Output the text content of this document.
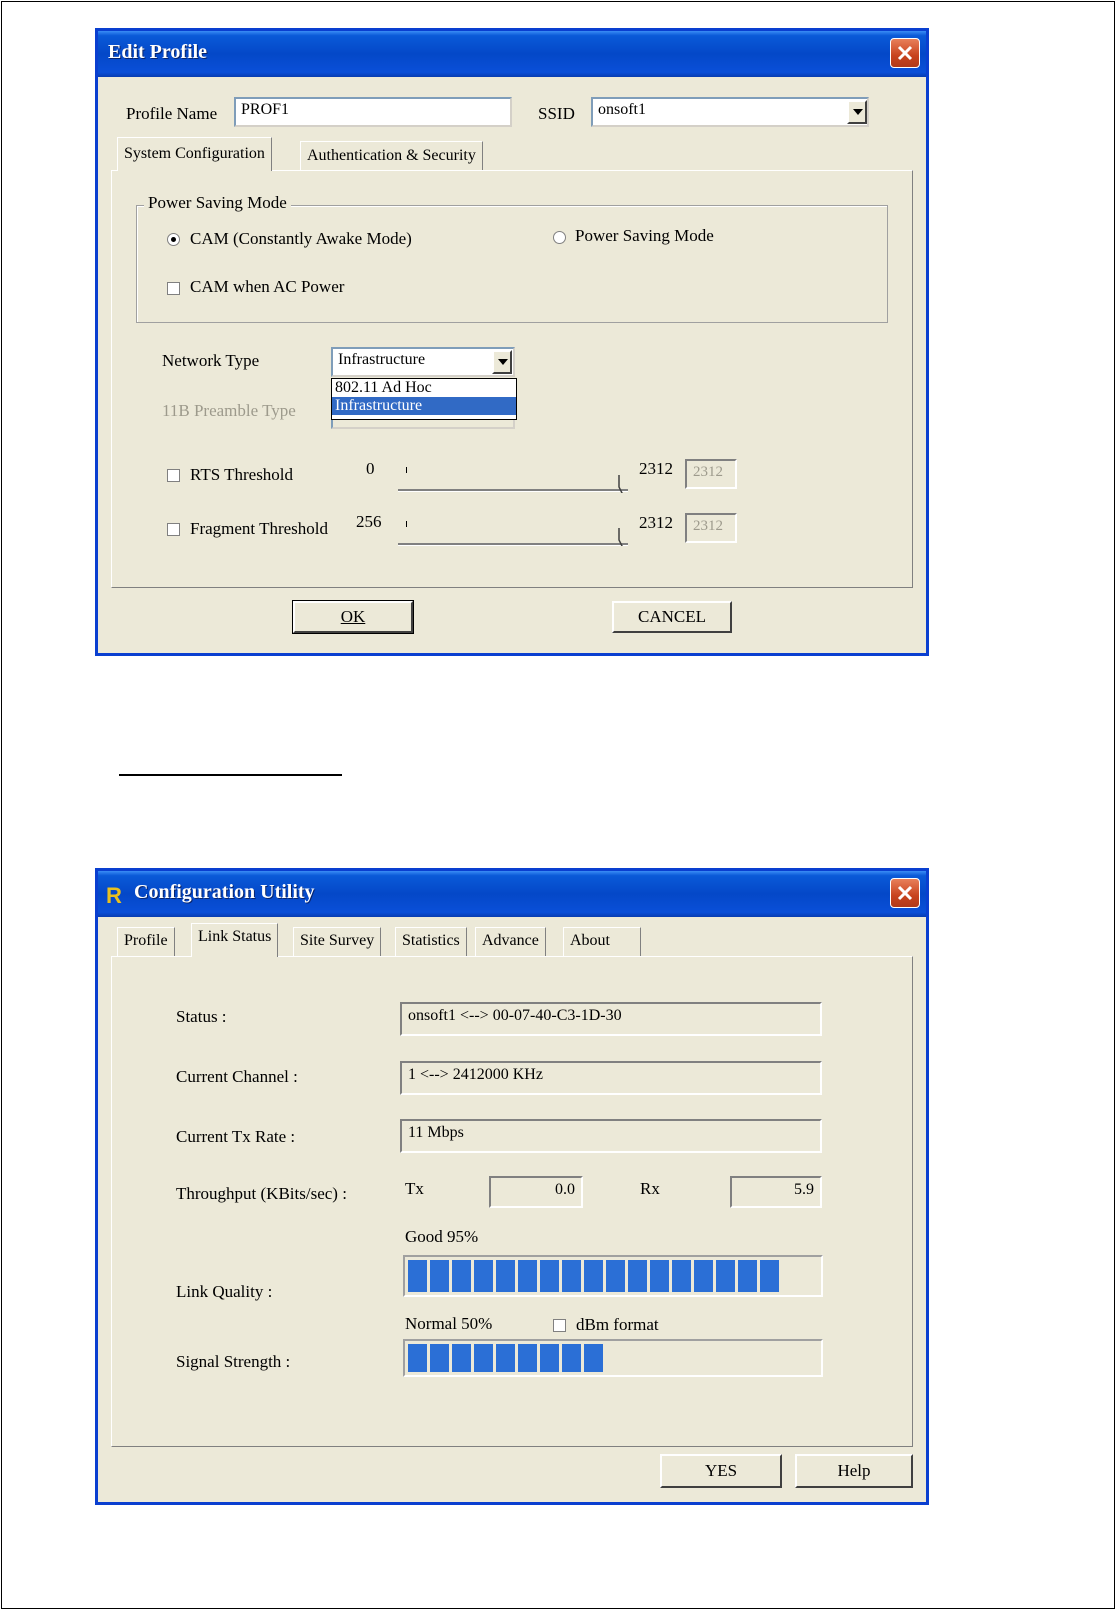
Edit Profile
Profile Name	PROF1	SSID	onsoft1
System Configuration	Authentication & Security
Power Saving Mode
CAM (Constantly Awake Mode)	Power Saving Mode
CAM when AC Power
Network Type	Infrastructure
802.11 Ad Hoc
Infrastructure
11B Preamble Type
RTS Threshold	0	2312	2312
Fragment Threshold 256	2312	2312
OK	CANCEL
R Configuration Utility
Profile	Link Status	Site Survey	Statistics	Advance	About
Status :	onsoft1 <--> 00-07-40-C3-1D-30
Current Channel :	1 <--> 2412000 KHz
Current Tx Rate :	11 Mbps
Throughput (KBits/sec) :	Tx	0.0	Rx	5.9
Good 95%
Link Quality :
Normal 50%	dBm format
Signal Strength :
YES	Help
